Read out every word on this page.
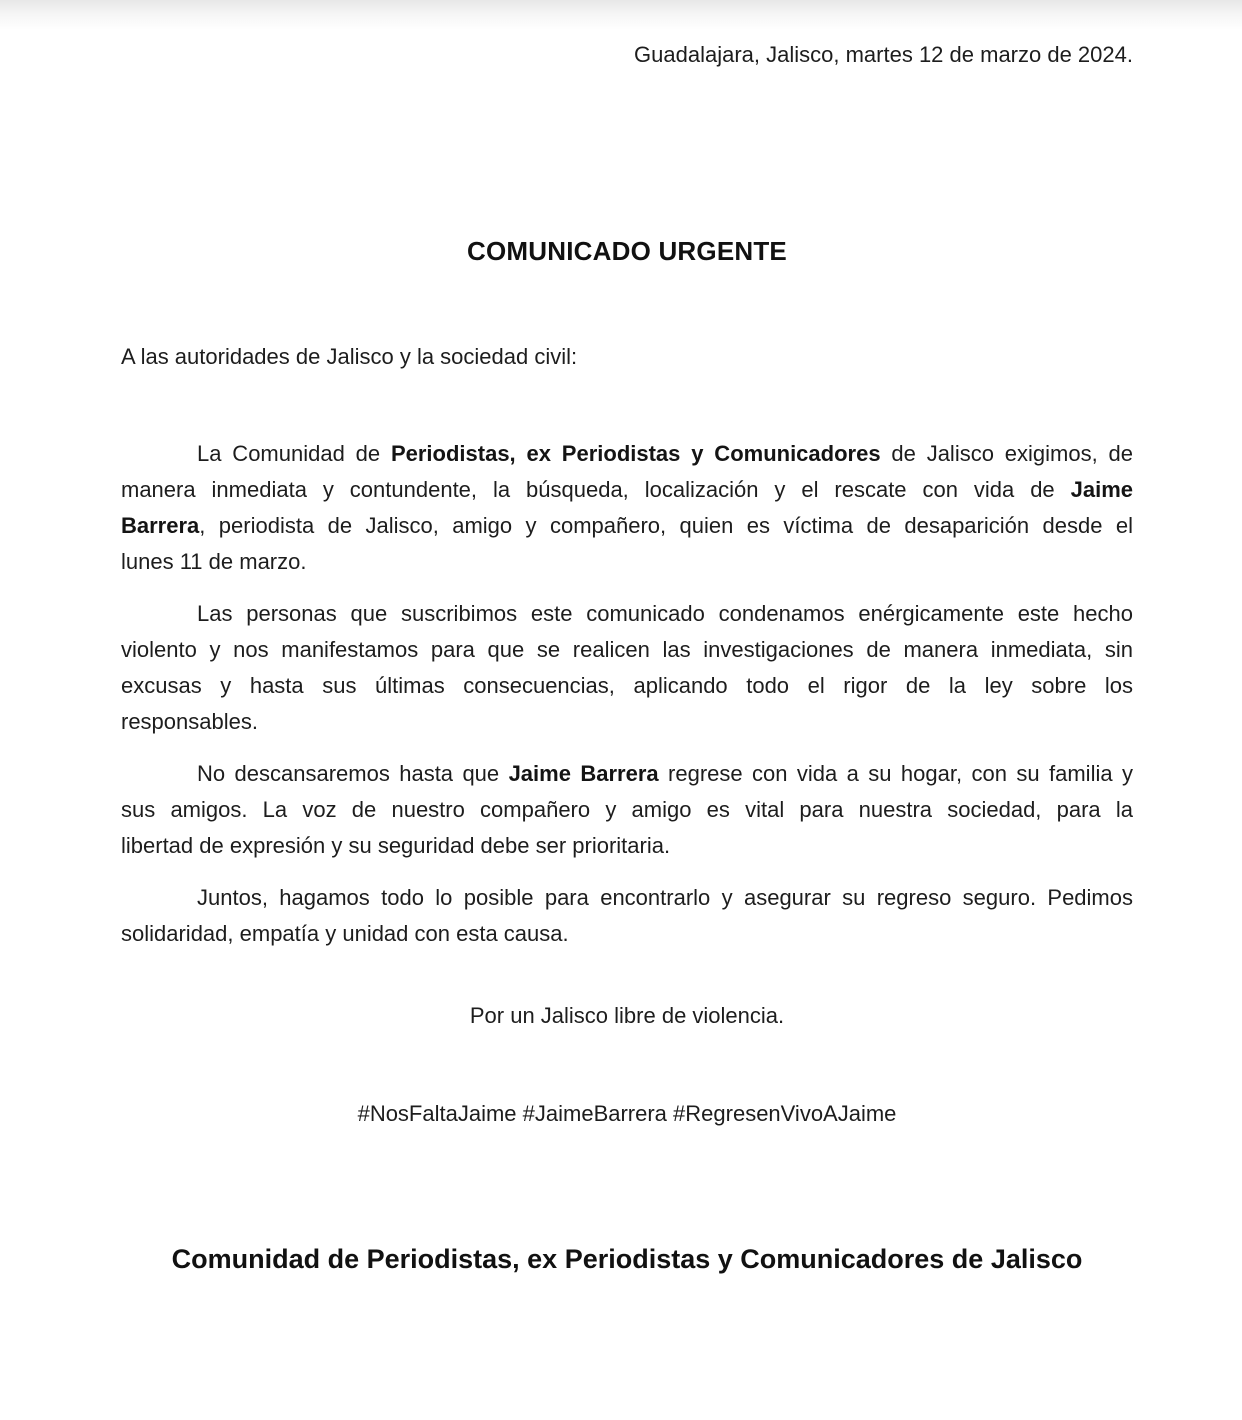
Guadalajara, Jalisco, martes 12 de marzo de 2024.
COMUNICADO URGENTE
A las autoridades de Jalisco y la sociedad civil:
La Comunidad de Periodistas, ex Periodistas y Comunicadores de Jalisco exigimos, de
manera inmediata y contundente, la búsqueda, localización y el rescate con vida de Jaime
Barrera, periodista de Jalisco, amigo y compañero, quien es víctima de desaparición desde el
lunes 11 de marzo.
Las personas que suscribimos este comunicado condenamos enérgicamente este hecho
violento y nos manifestamos para que se realicen las investigaciones de manera inmediata, sin
excusas y hasta sus últimas consecuencias, aplicando todo el rigor de la ley sobre los
responsables.
No descansaremos hasta que Jaime Barrera regrese con vida a su hogar, con su familia y
sus amigos. La voz de nuestro compañero y amigo es vital para nuestra sociedad, para la
libertad de expresión y su seguridad debe ser prioritaria.
Juntos, hagamos todo lo posible para encontrarlo y asegurar su regreso seguro. Pedimos
solidaridad, empatía y unidad con esta causa.
Por un Jalisco libre de violencia.
#NosFaltaJaime #JaimeBarrera #RegresenVivoAJaime
Comunidad de Periodistas, ex Periodistas y Comunicadores de Jalisco
